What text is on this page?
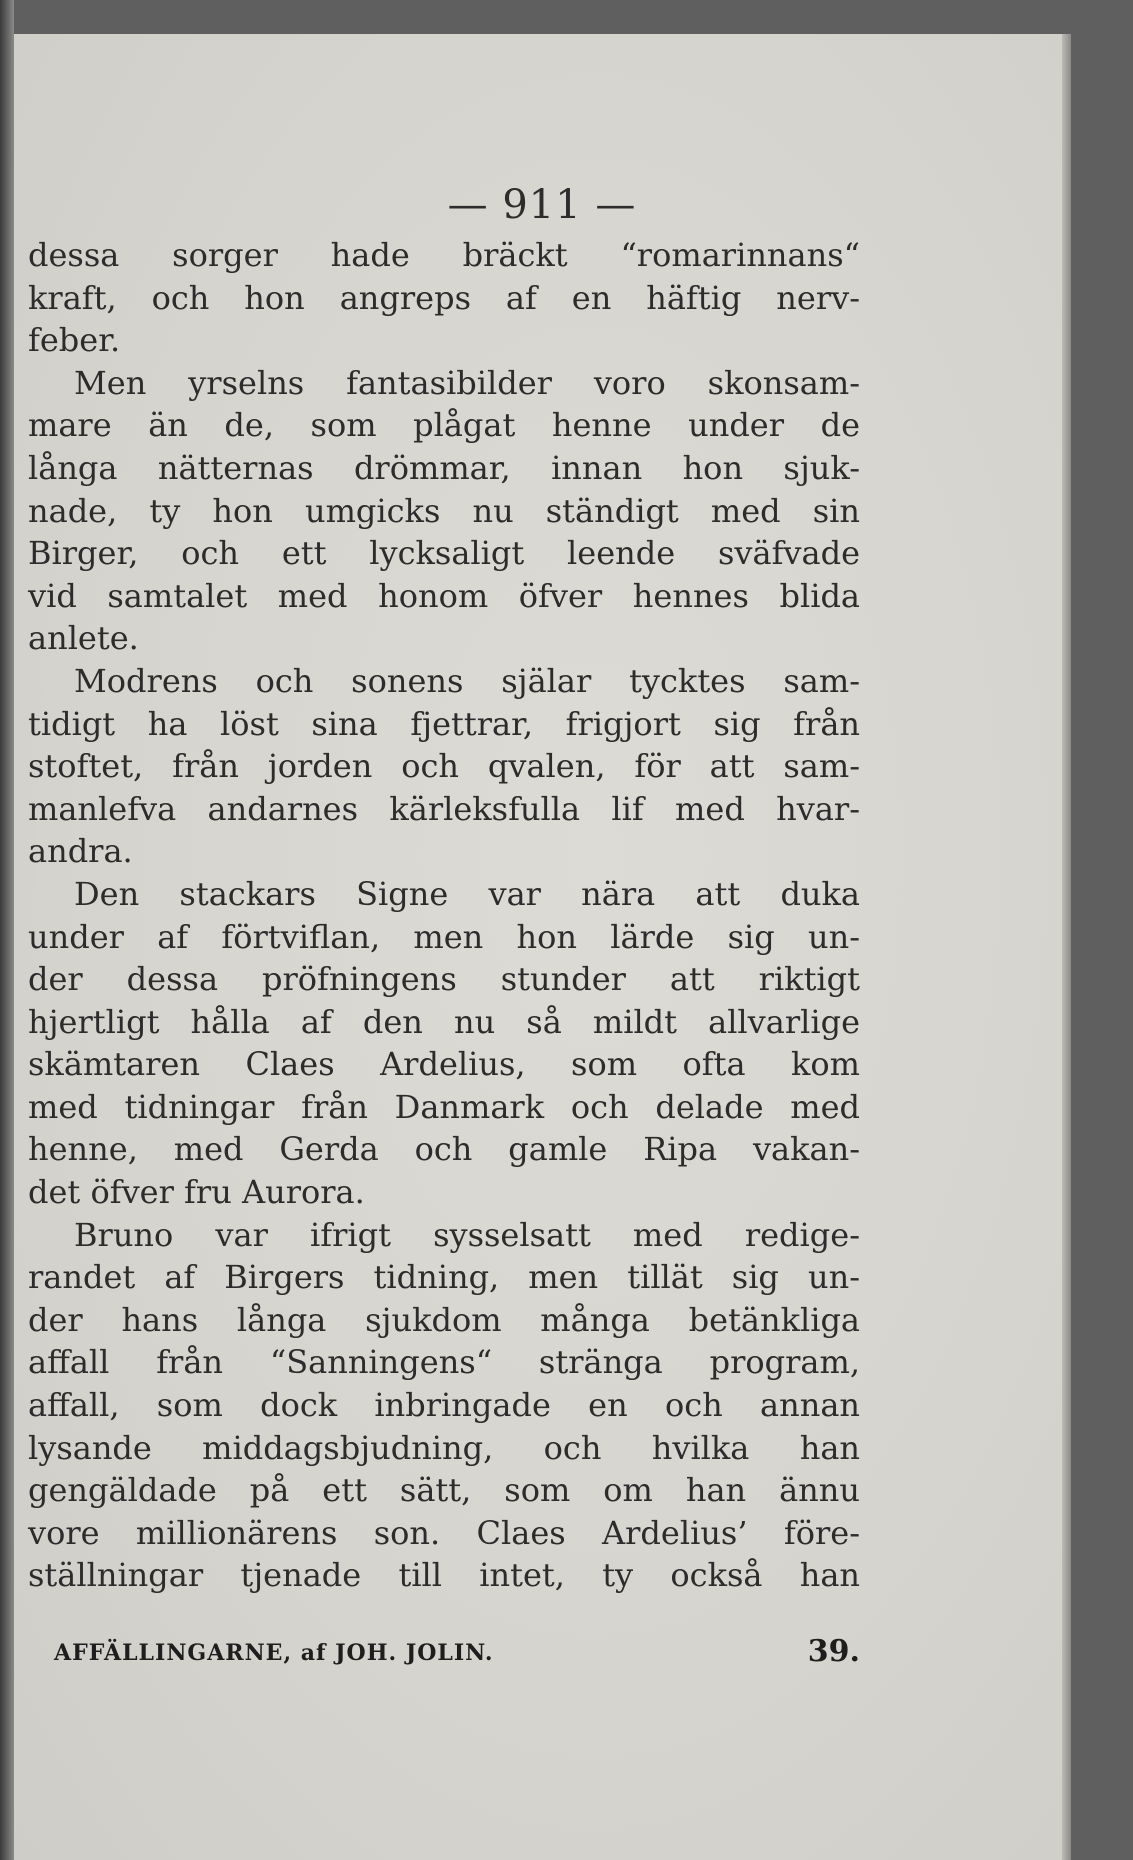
— 911 —
dessa sorger hade bräckt “romarinnans“
kraft, och hon angreps af en häftig nerv-
feber.
Men yrselns fantasibilder voro skonsam-
mare än de, som plågat henne under de
långa nätternas drömmar, innan hon sjuk-
nade, ty hon umgicks nu ständigt med sin
Birger, och ett lycksaligt leende sväfvade
vid samtalet med honom öfver hennes blida
anlete.
Modrens och sonens själar tycktes sam-
tidigt ha löst sina fjettrar, frigjort sig från
stoftet, från jorden och qvalen, för att sam-
manlefva andarnes kärleksfulla lif med hvar-
andra.
Den stackars Signe var nära att duka
under af förtviflan, men hon lärde sig un-
der dessa pröfningens stunder att riktigt
hjertligt hålla af den nu så mildt allvarlige
skämtaren Claes Ardelius, som ofta kom
med tidningar från Danmark och delade med
henne, med Gerda och gamle Ripa vakan-
det öfver fru Aurora.
Bruno var ifrigt sysselsatt med redige-
randet af Birgers tidning, men tillät sig un-
der hans långa sjukdom många betänkliga
affall från “Sanningens“ stränga program,
affall, som dock inbringade en och annan
lysande middagsbjudning, och hvilka han
gengäldade på ett sätt, som om han ännu
vore millionärens son. Claes Ardelius’ före-
ställningar tjenade till intet, ty också han
AFFÄLLINGARNE, af JOH. JOLIN.	39.
